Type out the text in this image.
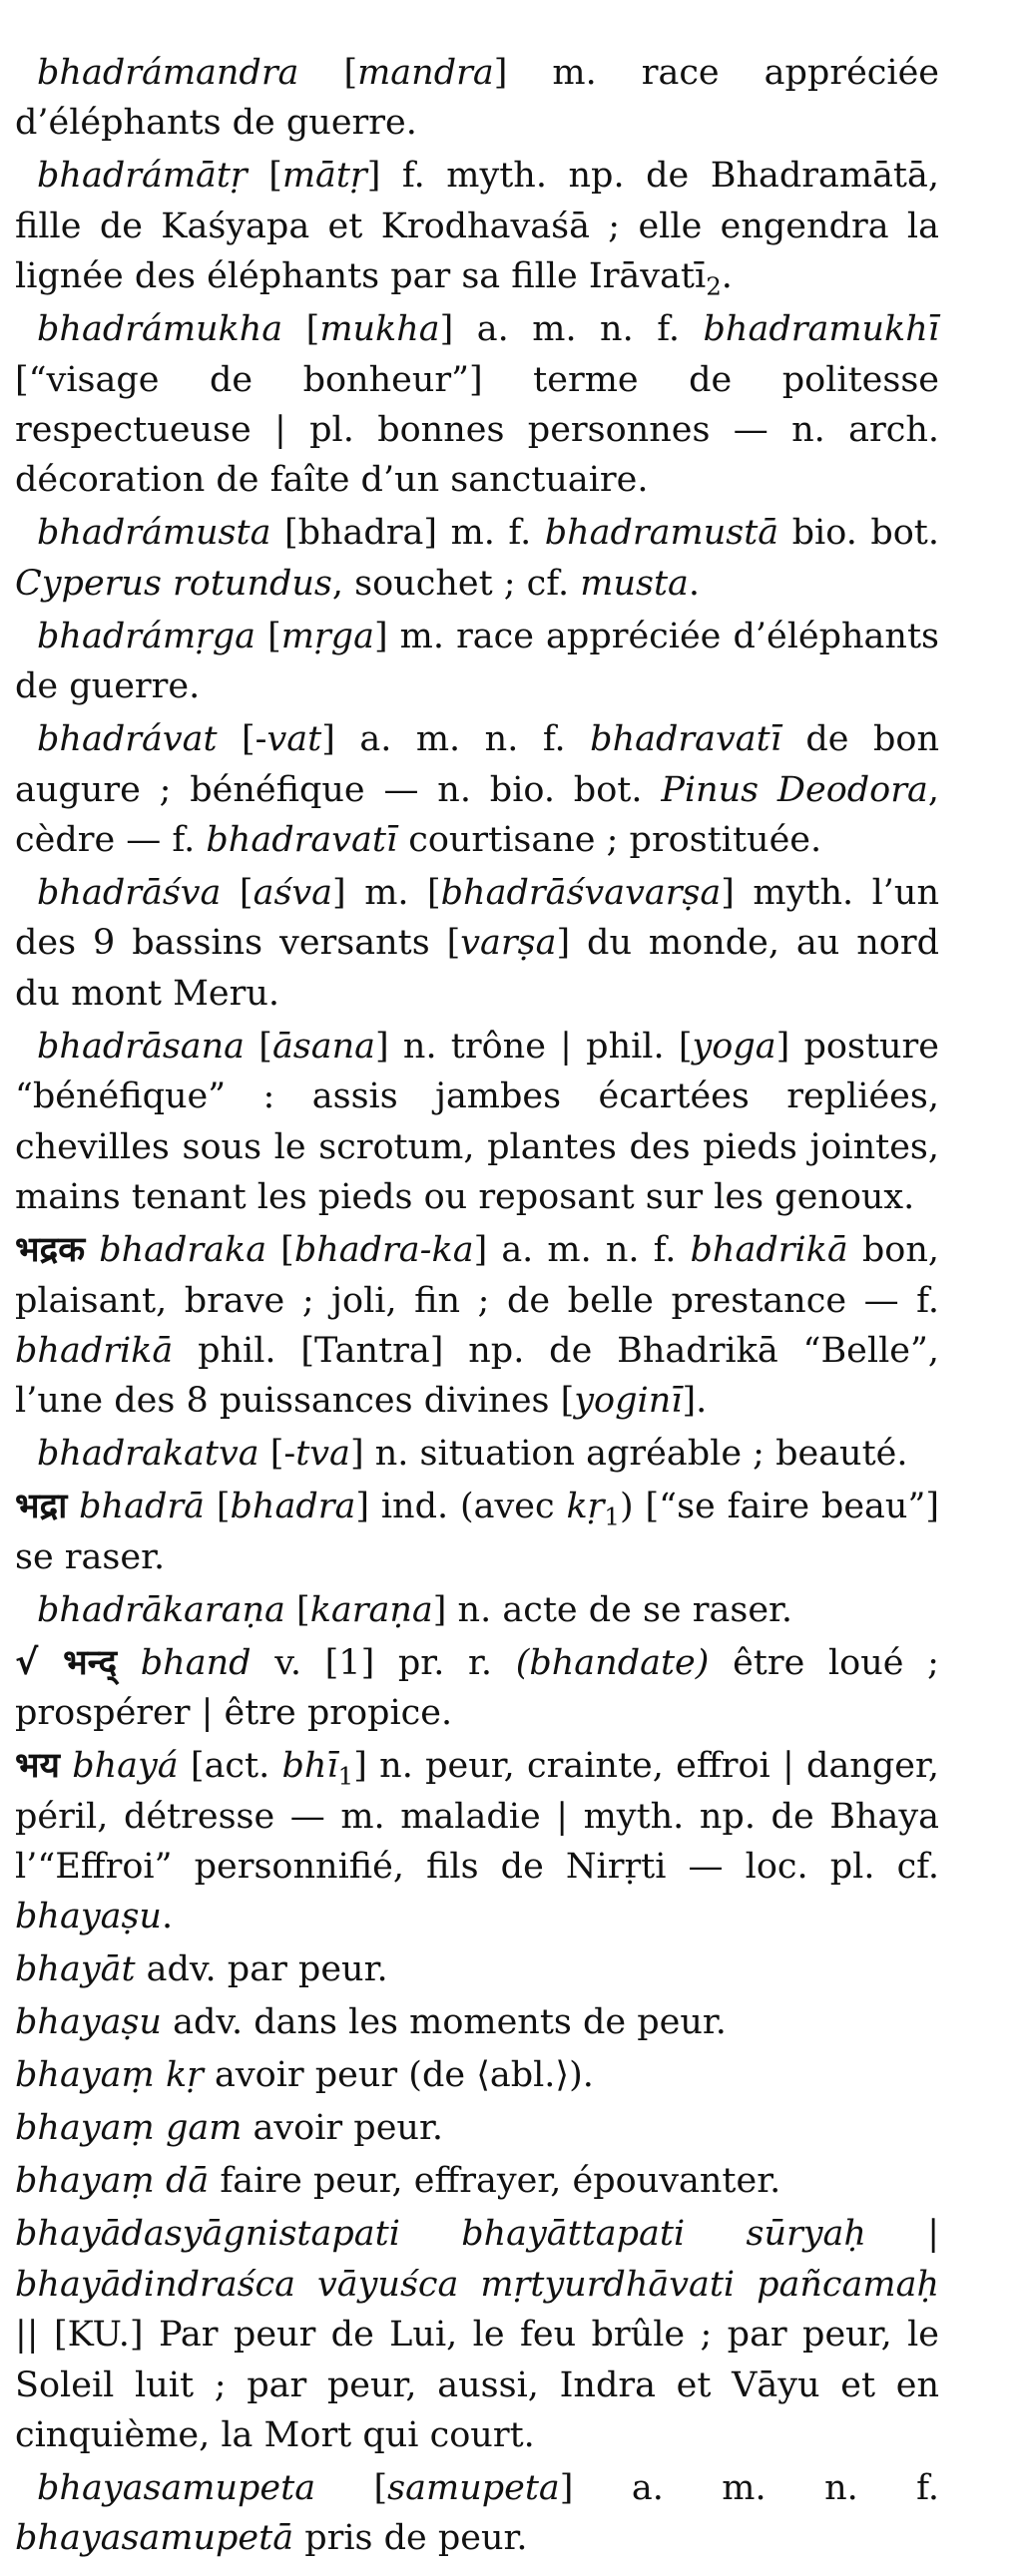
bhadrámandra [mandra] m. race appréciée d’éléphants de guerre.

bhadrámātṛ [mātṛ] f. myth. np. de Bhadramātā, fille de Kaśyapa et Krodhavaśā ; elle engendra la lignée des éléphants par sa fille Irāvatī$_2$.

bhadrámukha [mukha] a. m. n. f. bhadramukhī [“visage de bonheur”] terme de politesse respectueuse | pl. bonnes personnes — n. arch. décoration de faîte d’un sanctuaire.

bhadrámusta [bhadra] m. f. bhadramustā bio. bot. Cyperus rotundus, souchet ; cf. musta.

bhadrámṛga [mṛga] m. race appréciée d’éléphants de guerre.

bhadrávat [-vat] a. m. n. f. bhadravatī de bon augure ; bénéfique — n. bio. bot. Pinus Deodora, cèdre — f. bhadravatī courtisane ; prostituée.

bhadrāśva [aśva] m. [bhadrāśvavarṣa] myth. l’un des 9 bassins versants [varṣa] du monde, au nord du mont Meru.

bhadrāsana [āsana] n. trône | phil. [yoga] posture “bénéfique” : assis jambes écartées repliées, chevilles sous le scrotum, plantes des pieds jointes, mains tenant les pieds ou reposant sur les genoux.

भद्रक bhadraka [bhadra-ka] a. m. n. f. bhadrikā bon, plaisant, brave ; joli, fin ; de belle prestance — f. bhadrikā phil. [Tantra] np. de Bhadrikā “Belle”, l’une des 8 puissances divines [yoginī].

bhadrakatva [-tva] n. situation agréable ; beauté.

भद्रा bhadrā [bhadra] ind. (avec kṛ$_1$) [“se faire beau”] se raser.

bhadrākaraṇa [karaṇa] n. acte de se raser.

√ भन्द् bhand v. [1] pr. r. (bhandate) être loué ; prospérer | être propice.

भय bhayá [act. bhī$_1$] n. peur, crainte, effroi | danger, péril, détresse — m. maladie | myth. np. de Bhaya l’“Effroi” personnifié, fils de Nirṛti — loc. pl. cf. bhayaṣu.

bhayāt adv. par peur.

bhayaṣu adv. dans les moments de peur.

bhayaṃ kṛ avoir peur (de ⟨abl.⟩).

bhayaṃ gam avoir peur.

bhayaṃ dā faire peur, effrayer, épouvanter.

bhayādasyāgnistapati bhayāttapati sūryaḥ | bhayādindraśca vāyuśca mṛtyurdhāvati pañcamaḥ || [KU.] Par peur de Lui, le feu brûle ; par peur, le Soleil luit ; par peur, aussi, Indra et Vāyu et en cinquième, la Mort qui court.

bhayasamupeta [samupeta] a. m. n. f. bhayasamupetā pris de peur.
